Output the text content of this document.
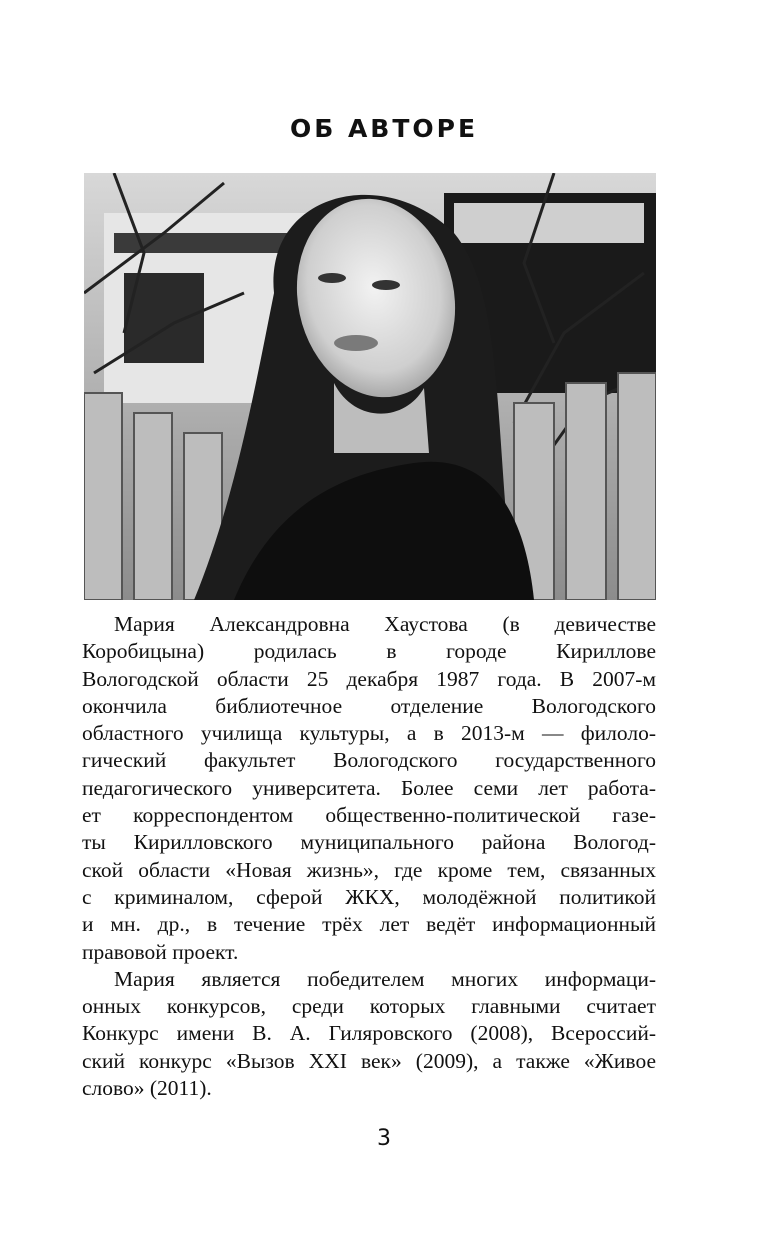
ОБ АВТОРЕ

Мария Александровна Хаустова (в девичестве
Коробицына) родилась в городе Кириллове
Вологодской области 25 декабря 1987 года. В 2007-м
окончила библиотечное отделение Вологодского
областного училища культуры, а в 2013-м — филоло-
гический факультет Вологодского государственного
педагогического университета. Более семи лет работа-
ет корреспондентом общественно-политической газе-
ты Кирилловского муниципального района Вологод-
ской области «Новая жизнь», где кроме тем, связанных
с криминалом, сферой ЖКХ, молодёжной политикой
и мн. др., в течение трёх лет ведёт информационный
правовой проект.

Мария является победителем многих информаци-
онных конкурсов, среди которых главными считает
Конкурс имени В. А. Гиляровского (2008), Всероссий-
ский конкурс «Вызов XXI век» (2009), а также «Живое
слово» (2011).

3
